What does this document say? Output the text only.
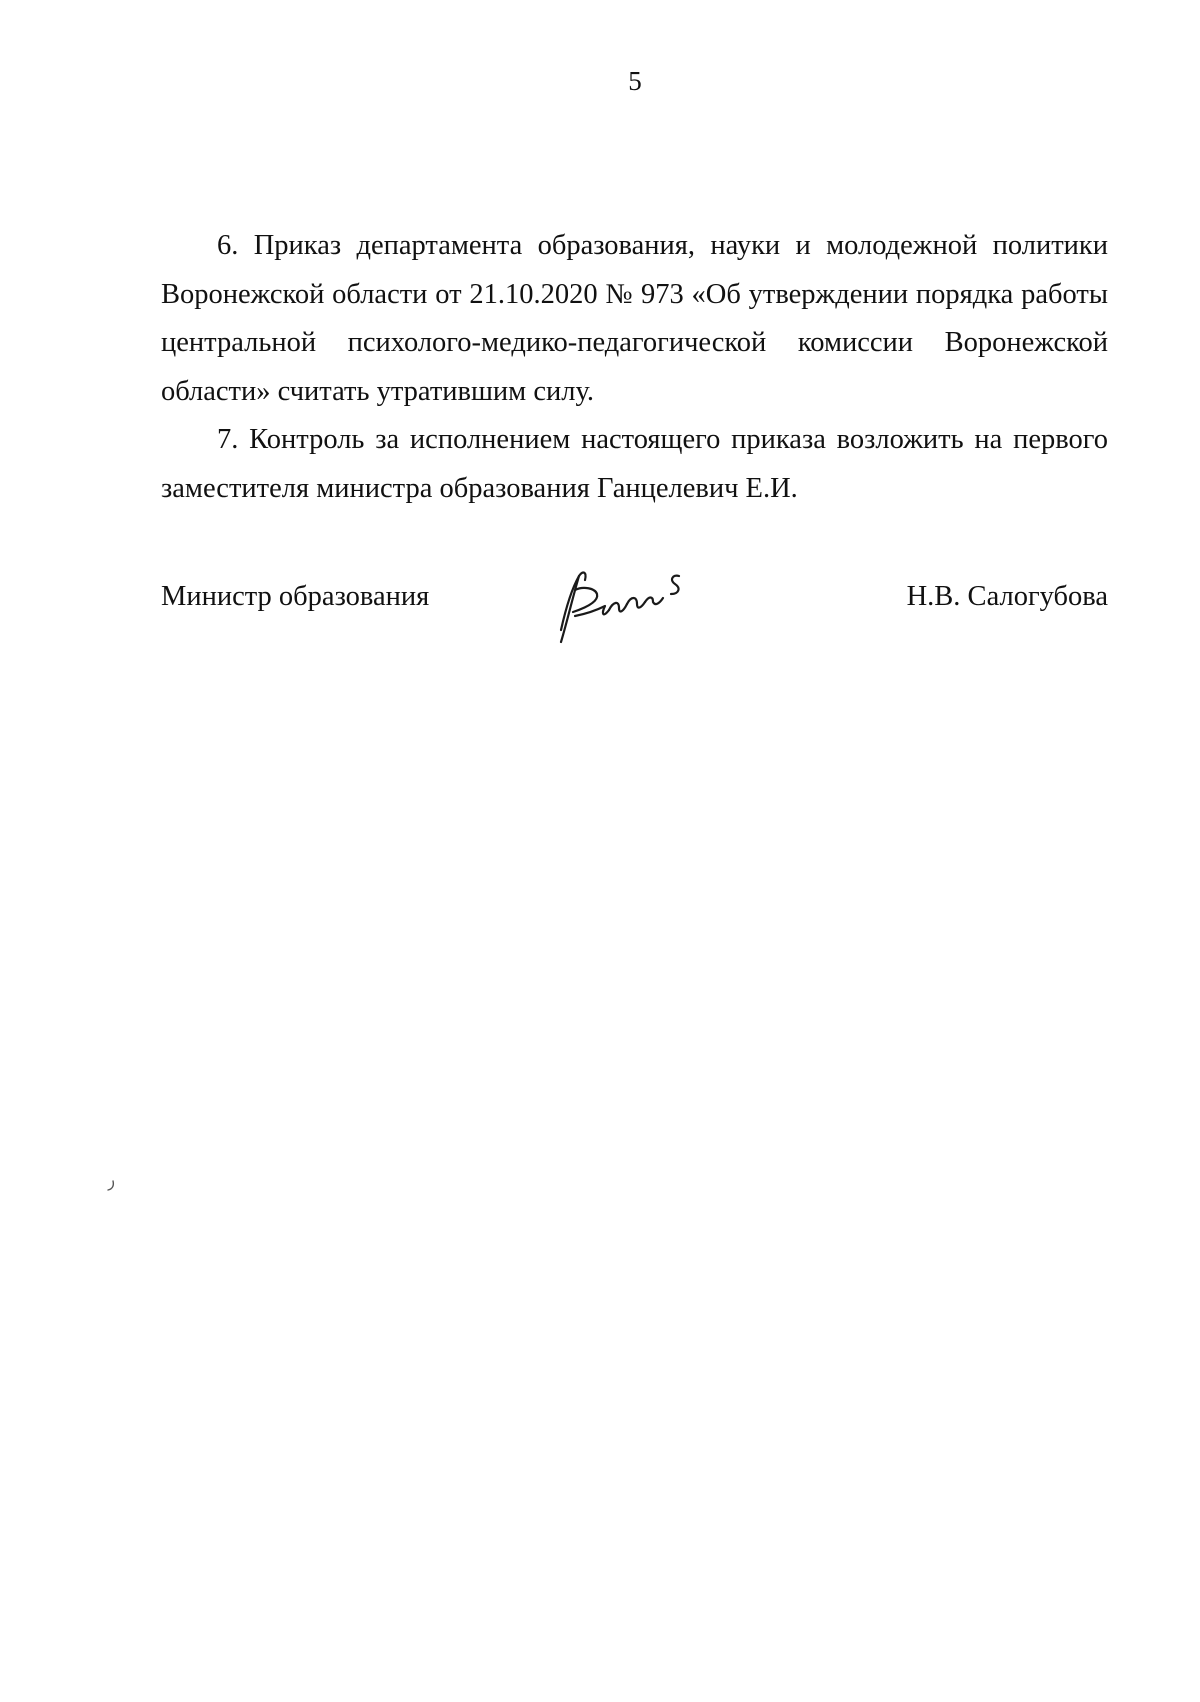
5

6. Приказ департамента образования, науки и молодежной политики Воронежской области от 21.10.2020 № 973 «Об утверждении порядка работы центральной психолого-медико-педагогической комиссии Воронежской области» считать утратившим силу.

7. Контроль за исполнением настоящего приказа возложить на первого заместителя министра образования Ганцелевич Е.И.

Министр образования	Н.В. Салогубова
